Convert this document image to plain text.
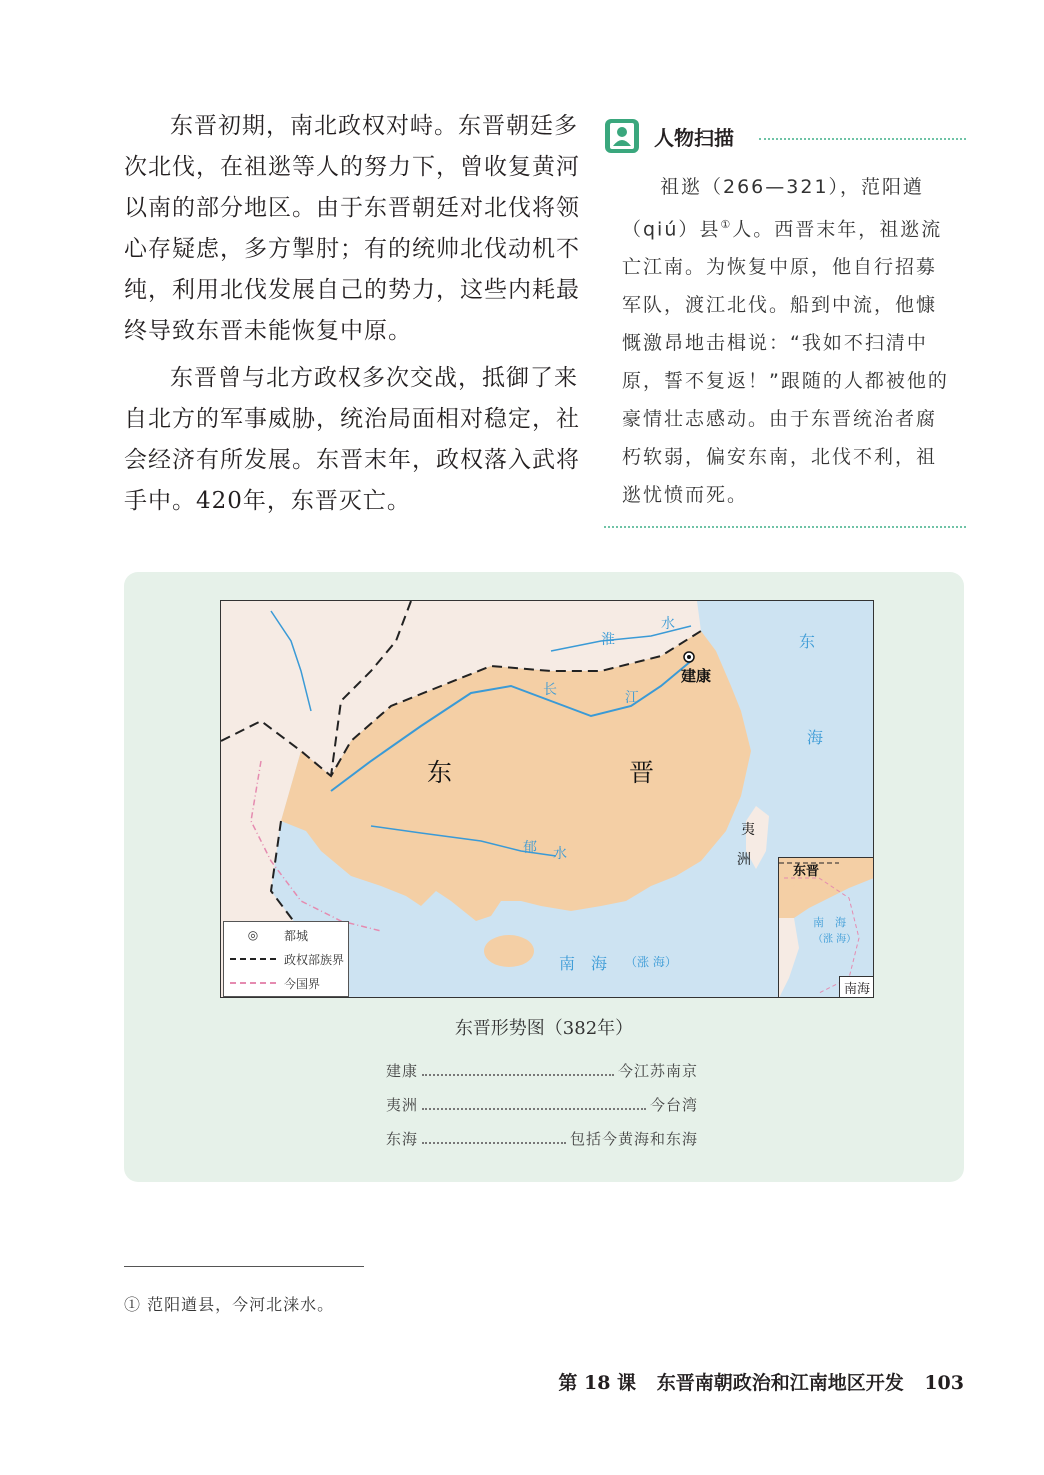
东晋初期，南北政权对峙。东晋朝廷多次北伐，在祖逖等人的努力下，曾收复黄河以南的部分地区。由于东晋朝廷对北伐将领心存疑虑，多方掣肘；有的统帅北伐动机不纯，利用北伐发展自己的势力，这些内耗最终导致东晋未能恢复中原。

东晋曾与北方政权多次交战，抵御了来自北方的军事威胁，统治局面相对稳定，社会经济有所发展。东晋末年，政权落入武将手中。420年，东晋灭亡。

人物扫描

祖逖（266—321），范阳遒（qiú）县①人。西晋末年，祖逖流亡江南。为恢复中原，他自行招募军队，渡江北伐。船到中流，他慷慨激昂地击楫说：“我如不扫清中原，誓不复返！”跟随的人都被他的豪情壮志感动。由于东晋统治者腐朽软弱，偏安东南，北伐不利，祖逖忧愤而死。

建康
东	晋
淮
水
长	江
郁 水
东
海
南　海 （涨 海）
夷
洲
◎	都城
政权部族界
今国界
东晋
南　海
（涨 海）
南海
东晋形势图（382年）
建康	今江苏南京
夷洲	今台湾
东海	包括今黄海和东海
① 范阳遒县，今河北涞水。
第 18 课 东晋南朝政治和江南地区开发 103
